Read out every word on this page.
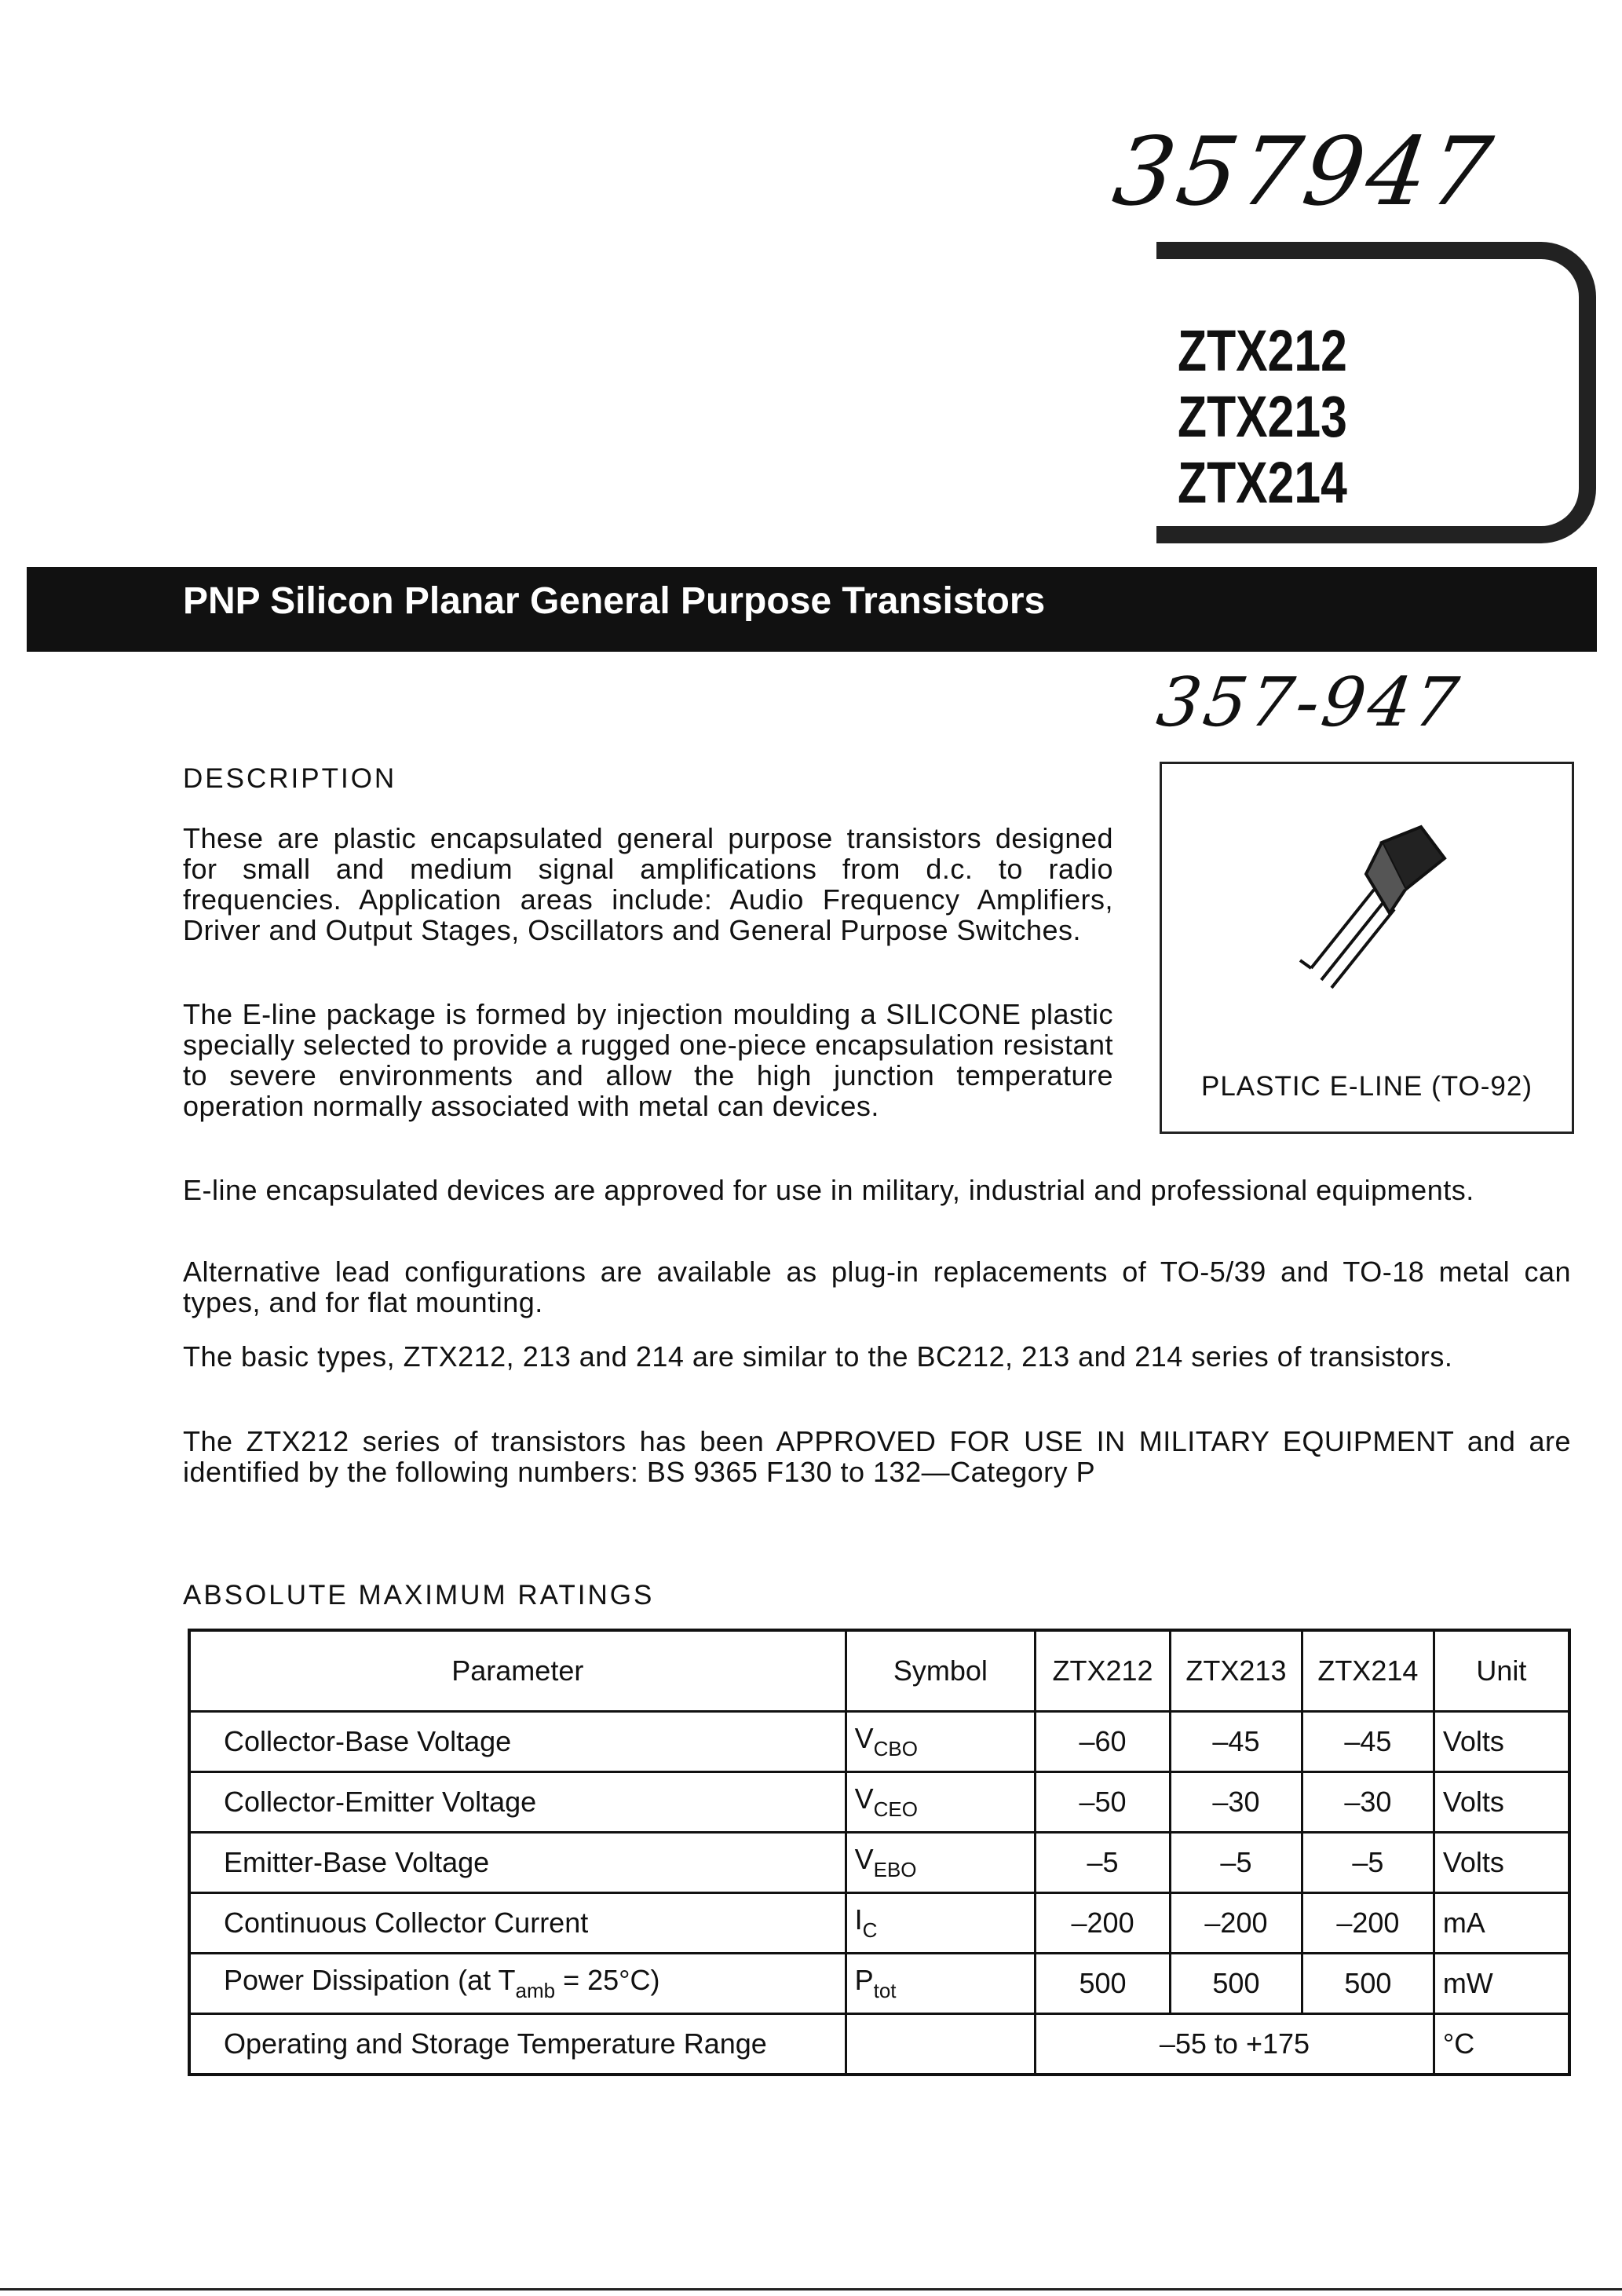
357947
ZTX212
ZTX213
ZTX214
PNP Silicon Planar General Purpose Transistors
357-947
DESCRIPTION
These are plastic encapsulated general purpose transistors designed for small and medium signal amplifications from d.c. to radio frequencies. Application areas include: Audio Frequency Amplifiers, Driver and Output Stages, Oscillators and General Purpose Switches.
The E-line package is formed by injection moulding a SILICONE plastic specially selected to provide a rugged one-piece encapsulation resistant to severe environments and allow the high junction temperature operation normally associated with metal can devices.
E-line encapsulated devices are approved for use in military, industrial and professional equipments.
Alternative lead configurations are available as plug-in replacements of TO-5/39 and TO-18 metal can types, and for flat mounting.
The basic types, ZTX212, 213 and 214 are similar to the BC212, 213 and 214 series of transistors.
The ZTX212 series of transistors has been APPROVED FOR USE IN MILITARY EQUIPMENT and are identified by the following numbers: BS 9365 F130 to 132—Category P
PLASTIC E-LINE (TO-92)
ABSOLUTE MAXIMUM RATINGS
Parameter	Symbol	ZTX212	ZTX213	ZTX214	Unit
Collector-Base Voltage	$V_{CBO}$	–60	–45	–45	Volts
Collector-Emitter Voltage	$V_{CEO}$	–50	–30	–30	Volts
Emitter-Base Voltage	$V_{EBO}$	–5	–5	–5	Volts
Continuous Collector Current	$I_C$	–200	–200	–200	mA
Power Dissipation (at $T_{amb} = 25^\circ C$)	$P_{tot}$	500	500	500	mW
Operating and Storage Temperature Range		–55 to +175			°C
